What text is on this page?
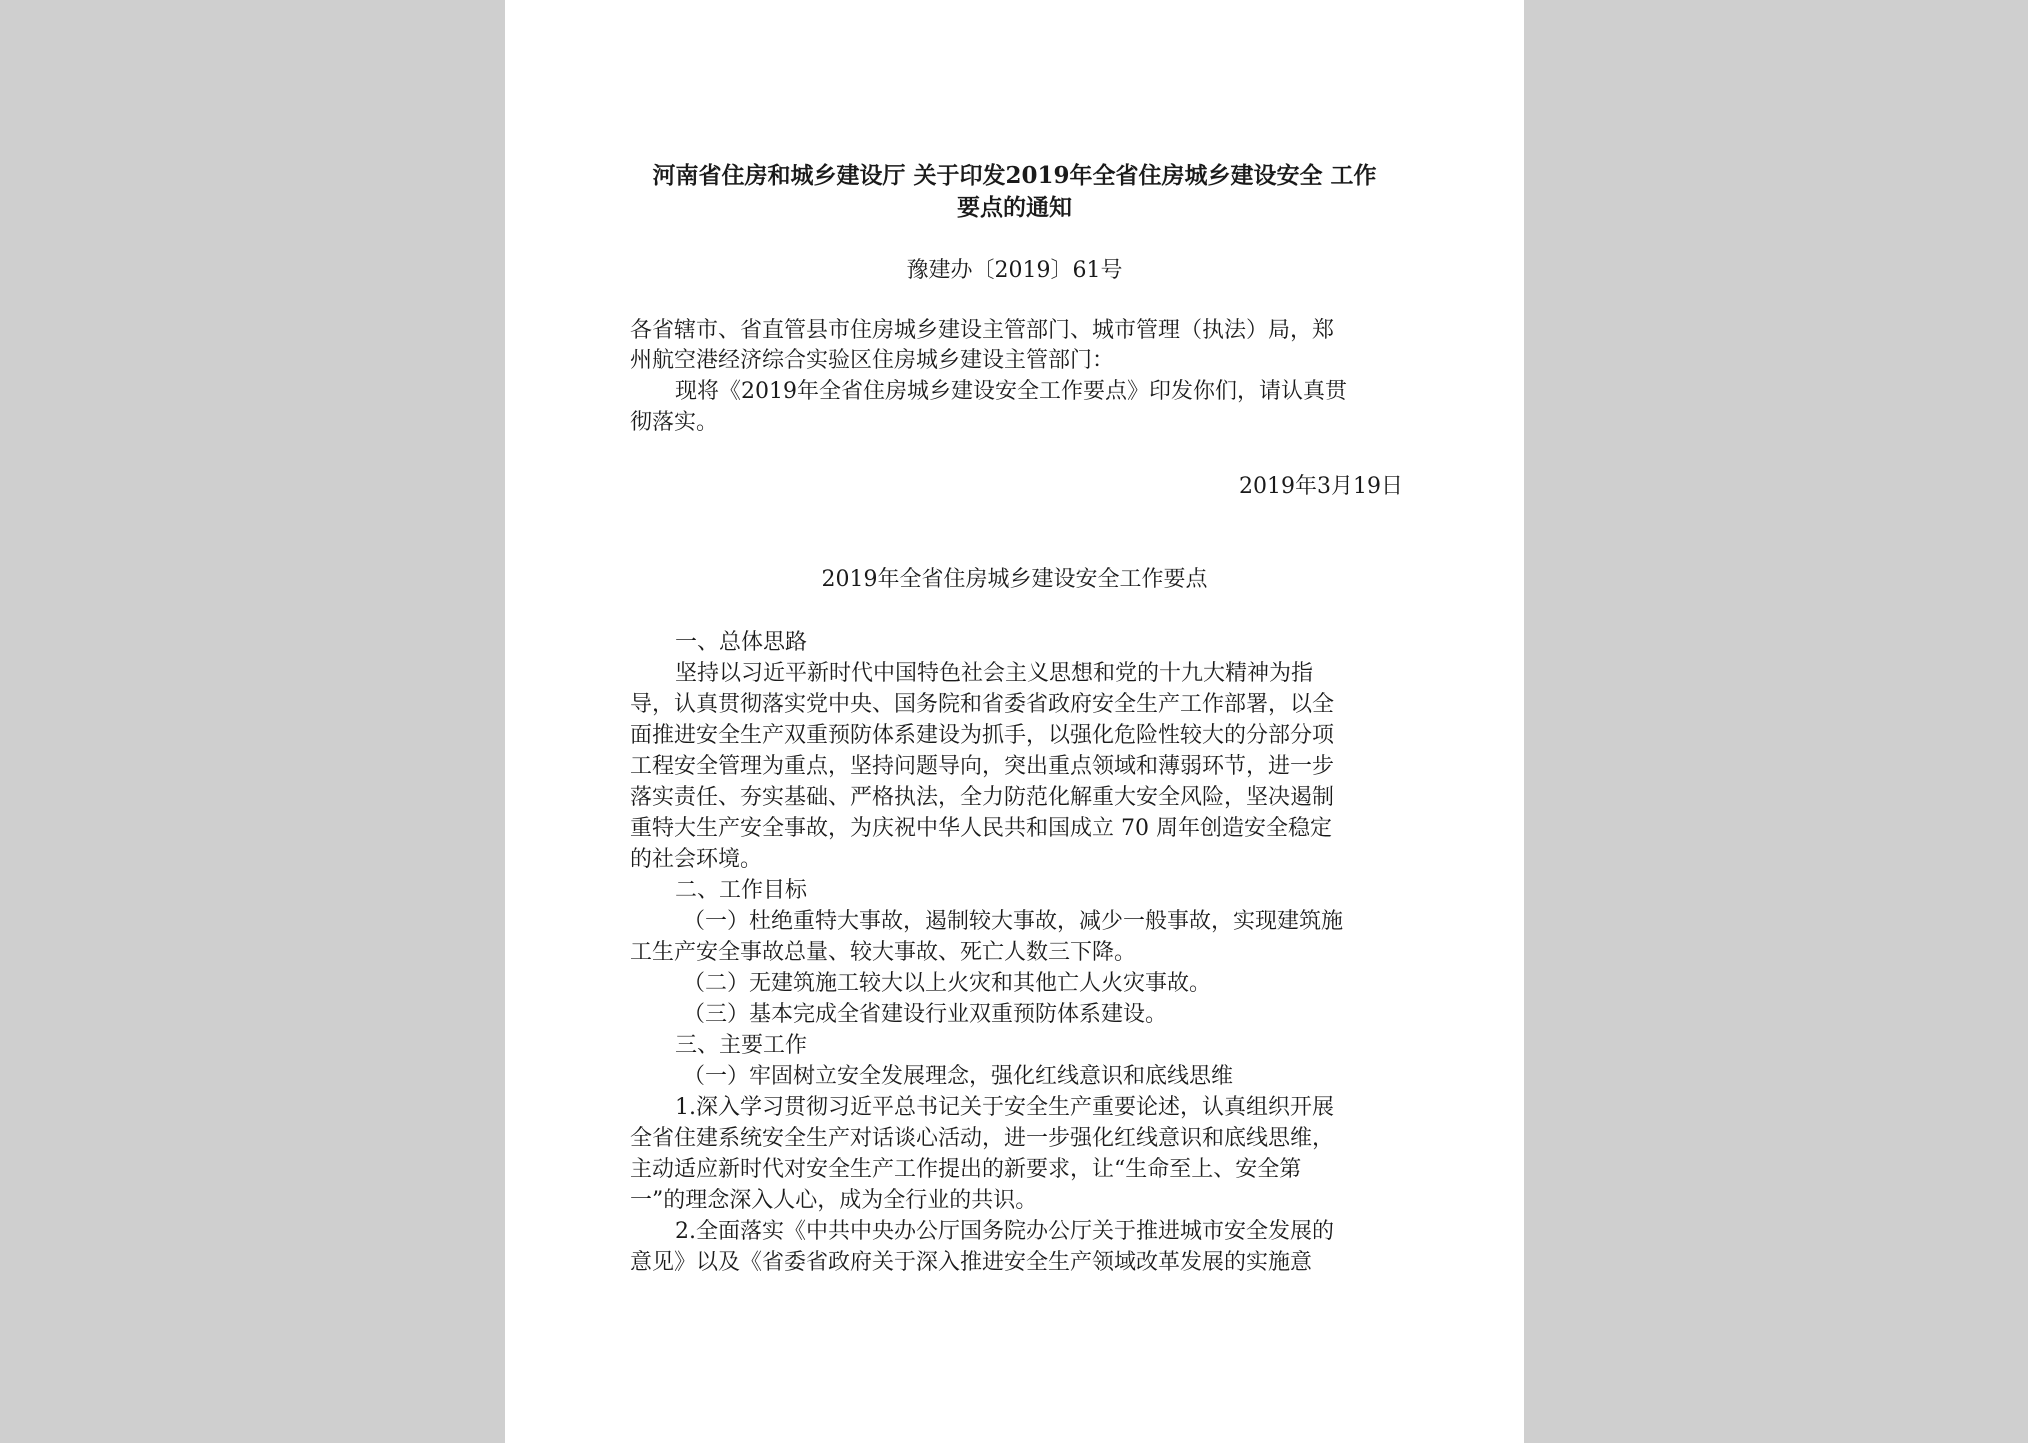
河南省住房和城乡建设厅 关于印发2019年全省住房城乡建设安全 工作
要点的通知
豫建办〔2019〕61号
各省辖市、省直管县市住房城乡建设主管部门、城市管理（执法）局，郑
州航空港经济综合实验区住房城乡建设主管部门：
现将《2019年全省住房城乡建设安全工作要点》印发你们，请认真贯
彻落实。
2019年3月19日
2019年全省住房城乡建设安全工作要点
一、总体思路
坚持以习近平新时代中国特色社会主义思想和党的十九大精神为指
导，认真贯彻落实党中央、国务院和省委省政府安全生产工作部署，以全
面推进安全生产双重预防体系建设为抓手，以强化危险性较大的分部分项
工程安全管理为重点，坚持问题导向，突出重点领域和薄弱环节，进一步
落实责任、夯实基础、严格执法，全力防范化解重大安全风险，坚决遏制
重特大生产安全事故，为庆祝中华人民共和国成立 70 周年创造安全稳定
的社会环境。
二、工作目标
（一）杜绝重特大事故，遏制较大事故，减少一般事故，实现建筑施
工生产安全事故总量、较大事故、死亡人数三下降。
（二）无建筑施工较大以上火灾和其他亡人火灾事故。
（三）基本完成全省建设行业双重预防体系建设。
三、主要工作
（一）牢固树立安全发展理念，强化红线意识和底线思维
1.深入学习贯彻习近平总书记关于安全生产重要论述，认真组织开展
全省住建系统安全生产对话谈心活动，进一步强化红线意识和底线思维，
主动适应新时代对安全生产工作提出的新要求，让“生命至上、安全第
一”的理念深入人心，成为全行业的共识。
2.全面落实《中共中央办公厅国务院办公厅关于推进城市安全发展的
意见》以及《省委省政府关于深入推进安全生产领域改革发展的实施意
